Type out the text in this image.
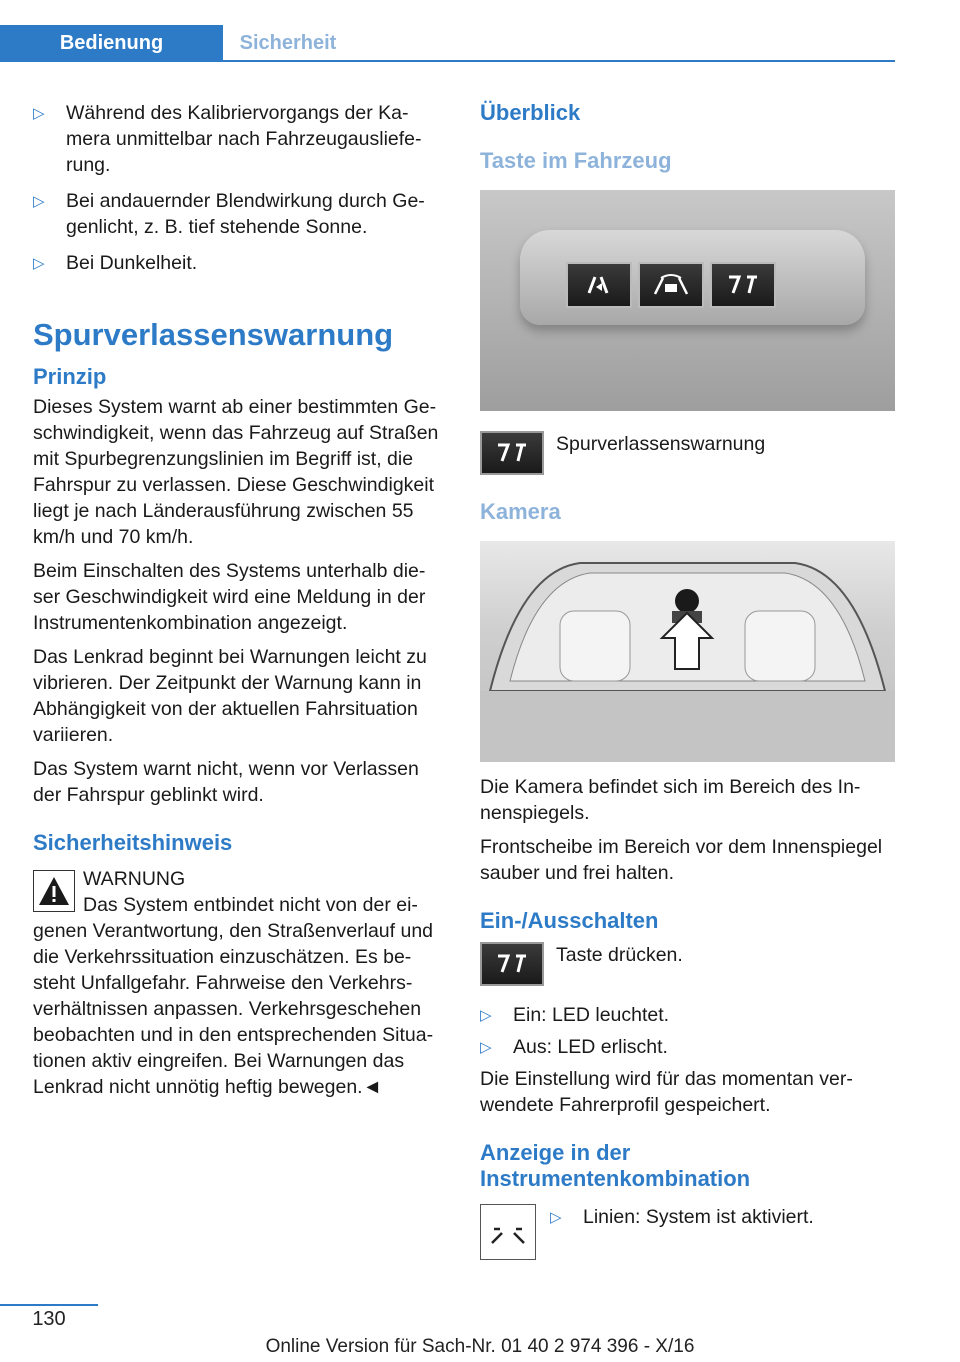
Bedienung	Sicherheit
▷ Während des Kalibriervorgangs der Ka‐mera unmittelbar nach Fahrzeugausliefe‐rung.
▷ Bei andauernder Blendwirkung durch Ge‐genlicht, z. B. tief stehende Sonne.
▷ Bei Dunkelheit.
Spurverlassenswarnung
Prinzip

Dieses System warnt ab einer bestimmten Ge‐schwindigkeit, wenn das Fahrzeug auf Straßen mit Spurbegrenzungslinien im Begriff ist, die Fahrspur zu verlassen. Diese Geschwindigkeit liegt je nach Länderausführung zwischen 55 km/h und 70 km/h.

Beim Einschalten des Systems unterhalb die‐ser Geschwindigkeit wird eine Meldung in der Instrumentenkombination angezeigt.

Das Lenkrad beginnt bei Warnungen leicht zu vibrieren. Der Zeitpunkt der Warnung kann in Abhängigkeit von der aktuellen Fahrsituation variieren.

Das System warnt nicht, wenn vor Verlassen der Fahrspur geblinkt wird.

Sicherheitshinweis
WARNUNG
Das System entbindet nicht von der ei‐genen Verantwortung, den Straßenverlauf und die Verkehrssituation einzuschätzen. Es be‐steht Unfallgefahr. Fahrweise den Verkehrs‐verhältnissen anpassen. Verkehrsgeschehen beobachten und in den entsprechenden Situa‐tionen aktiv eingreifen. Bei Warnungen das Lenkrad nicht unnötig heftig bewegen.◄
Überblick
Taste im Fahrzeug
Spurverlassenswarnung
Kamera

Die Kamera befindet sich im Bereich des In‐nenspiegels.

Frontscheibe im Bereich vor dem Innenspiegel sauber und frei halten.

Ein-/Ausschalten
Taste drücken.
▷ Ein: LED leuchtet.
▷ Aus: LED erlischt.

Die Einstellung wird für das momentan ver‐wendete Fahrerprofil gespeichert.

Anzeige in der Instrumentenkombination
▷ Linien: System ist aktiviert.
130
Online Version für Sach-Nr. 01 40 2 974 396 - X/16
